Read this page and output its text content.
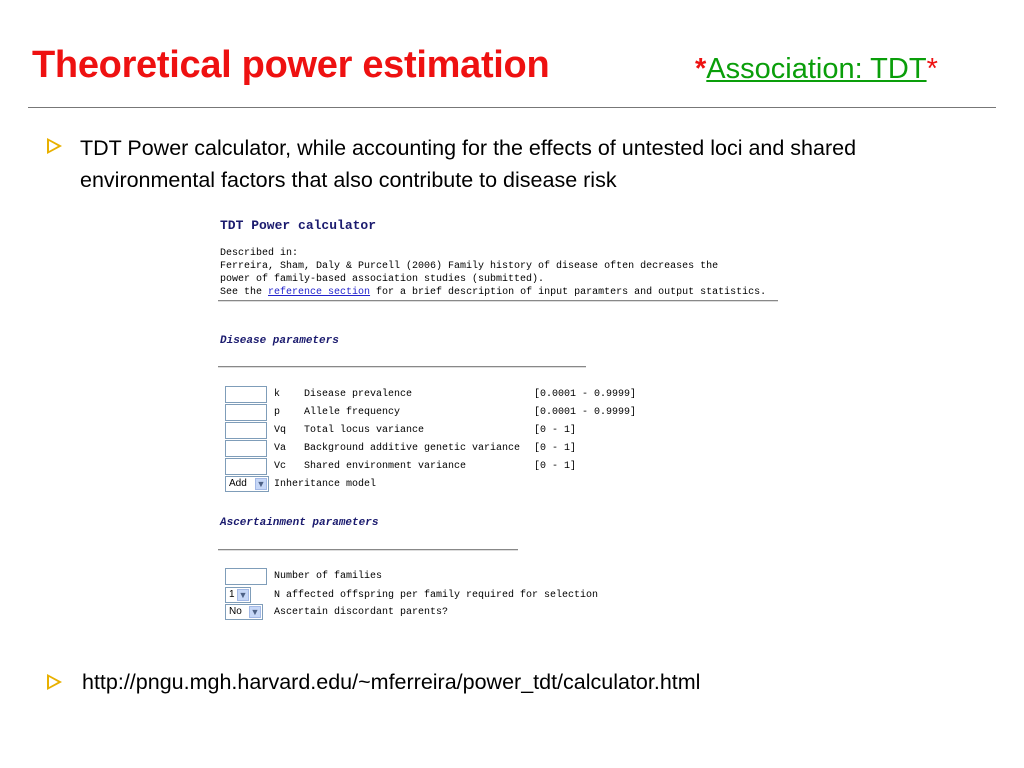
Theoretical power estimation	*Association: TDT*
TDT Power calculator, while accounting for the effects of untested loci and shared environmental factors that also contribute to disease risk
TDT Power calculator
Described in:
Ferreira, Sham, Daly & Purcell (2006) Family history of disease often decreases the
power of family-based association studies (submitted).
See the reference section for a brief description of input paramters and output statistics.
Disease parameters
k Disease prevalence	[0.0001 - 0.9999]
p Allele frequency	[0.0001 - 0.9999]
Vq Total locus variance	[0 - 1]
Va Background additive genetic variance [0 - 1]
Vc Shared environment variance	[0 - 1]
Add ▼ Inheritance model
Ascertainment parameters
Number of families
1 ▼	N affected offspring per family required for selection
No ▼ Ascertain discordant parents?
http://pngu.mgh.harvard.edu/~mferreira/power_tdt/calculator.html
